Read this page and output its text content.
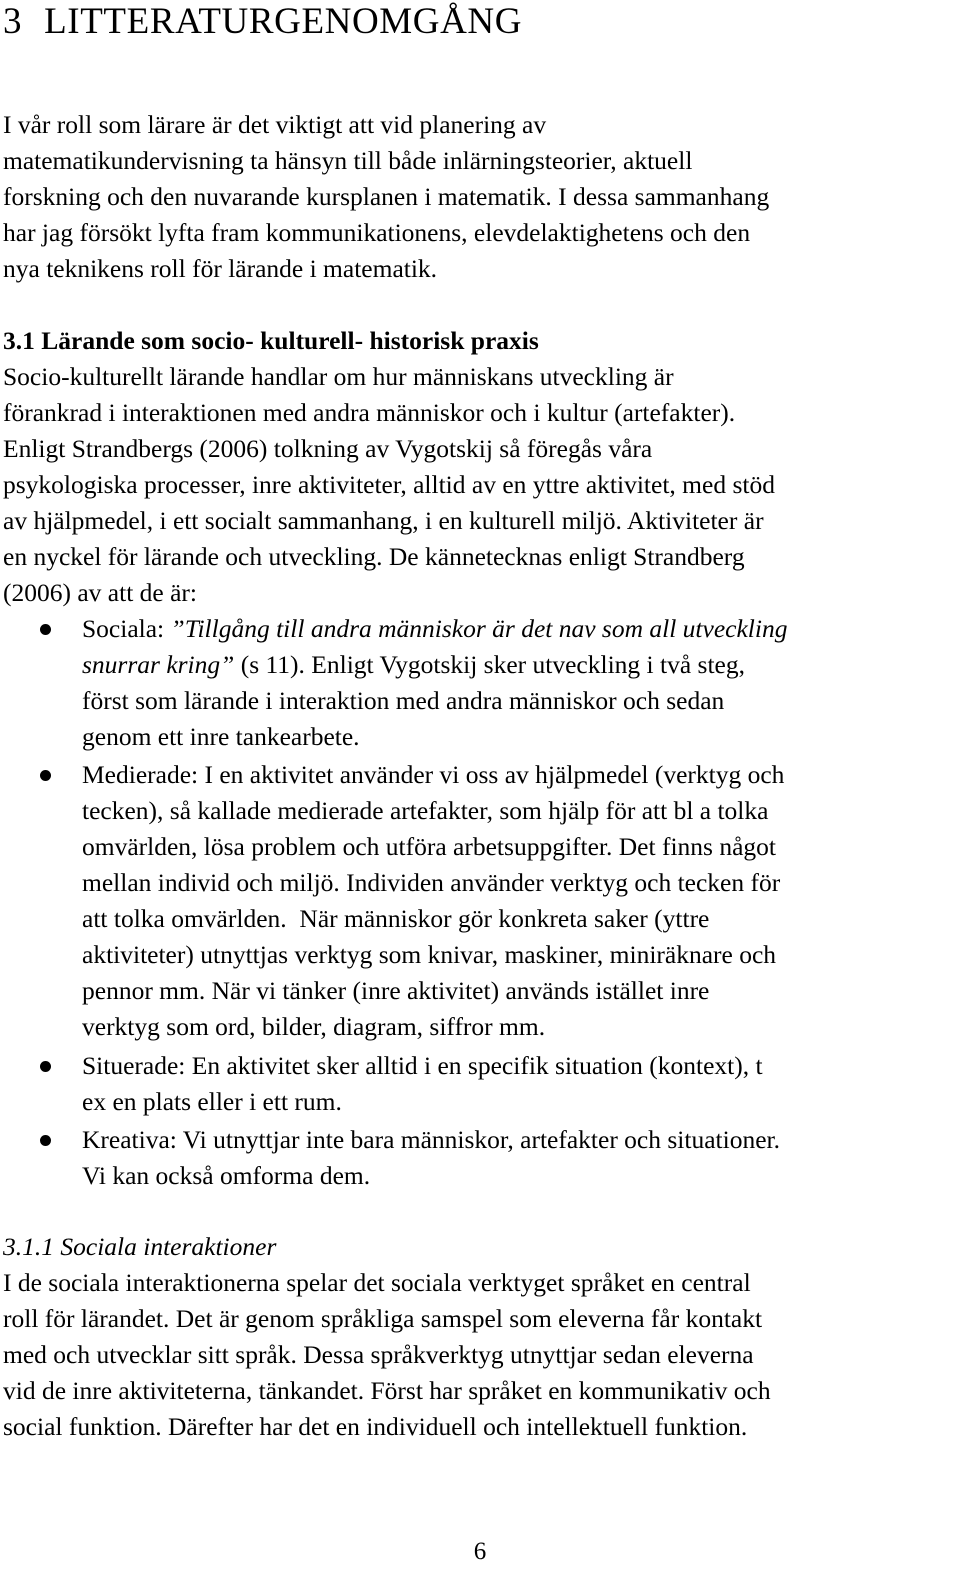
3 LITTERATURGENOMGÅNG
I vår roll som lärare är det viktigt att vid planering av
matematikundervisning ta hänsyn till både inlärningsteorier, aktuell
forskning och den nuvarande kursplanen i matematik. I dessa sammanhang
har jag försökt lyfta fram kommunikationens, elevdelaktighetens och den
nya teknikens roll för lärande i matematik.
3.1 Lärande som socio- kulturell- historisk praxis
Socio-kulturellt lärande handlar om hur människans utveckling är
förankrad i interaktionen med andra människor och i kultur (artefakter).
Enligt Strandbergs (2006) tolkning av Vygotskij så föregås våra
psykologiska processer, inre aktiviteter, alltid av en yttre aktivitet, med stöd
av hjälpmedel, i ett socialt sammanhang, i en kulturell miljö. Aktiviteter är
en nyckel för lärande och utveckling. De kännetecknas enligt Strandberg
(2006) av att de är:
Sociala: ”Tillgång till andra människor är det nav som all utveckling
snurrar kring” (s 11). Enligt Vygotskij sker utveckling i två steg,
först som lärande i interaktion med andra människor och sedan
genom ett inre tankearbete.
Medierade: I en aktivitet använder vi oss av hjälpmedel (verktyg och
tecken), så kallade medierade artefakter, som hjälp för att bl a tolka
omvärlden, lösa problem och utföra arbetsuppgifter. Det finns något
mellan individ och miljö. Individen använder verktyg och tecken för
att tolka omvärlden.  När människor gör konkreta saker (yttre
aktiviteter) utnyttjas verktyg som knivar, maskiner, miniräknare och
pennor mm. När vi tänker (inre aktivitet) används istället inre
verktyg som ord, bilder, diagram, siffror mm.
Situerade: En aktivitet sker alltid i en specifik situation (kontext), t
ex en plats eller i ett rum.
Kreativa: Vi utnyttjar inte bara människor, artefakter och situationer.
Vi kan också omforma dem.
3.1.1 Sociala interaktioner
I de sociala interaktionerna spelar det sociala verktyget språket en central
roll för lärandet. Det är genom språkliga samspel som eleverna får kontakt
med och utvecklar sitt språk. Dessa språkverktyg utnyttjar sedan eleverna
vid de inre aktiviteterna, tänkandet. Först har språket en kommunikativ och
social funktion. Därefter har det en individuell och intellektuell funktion.
6
